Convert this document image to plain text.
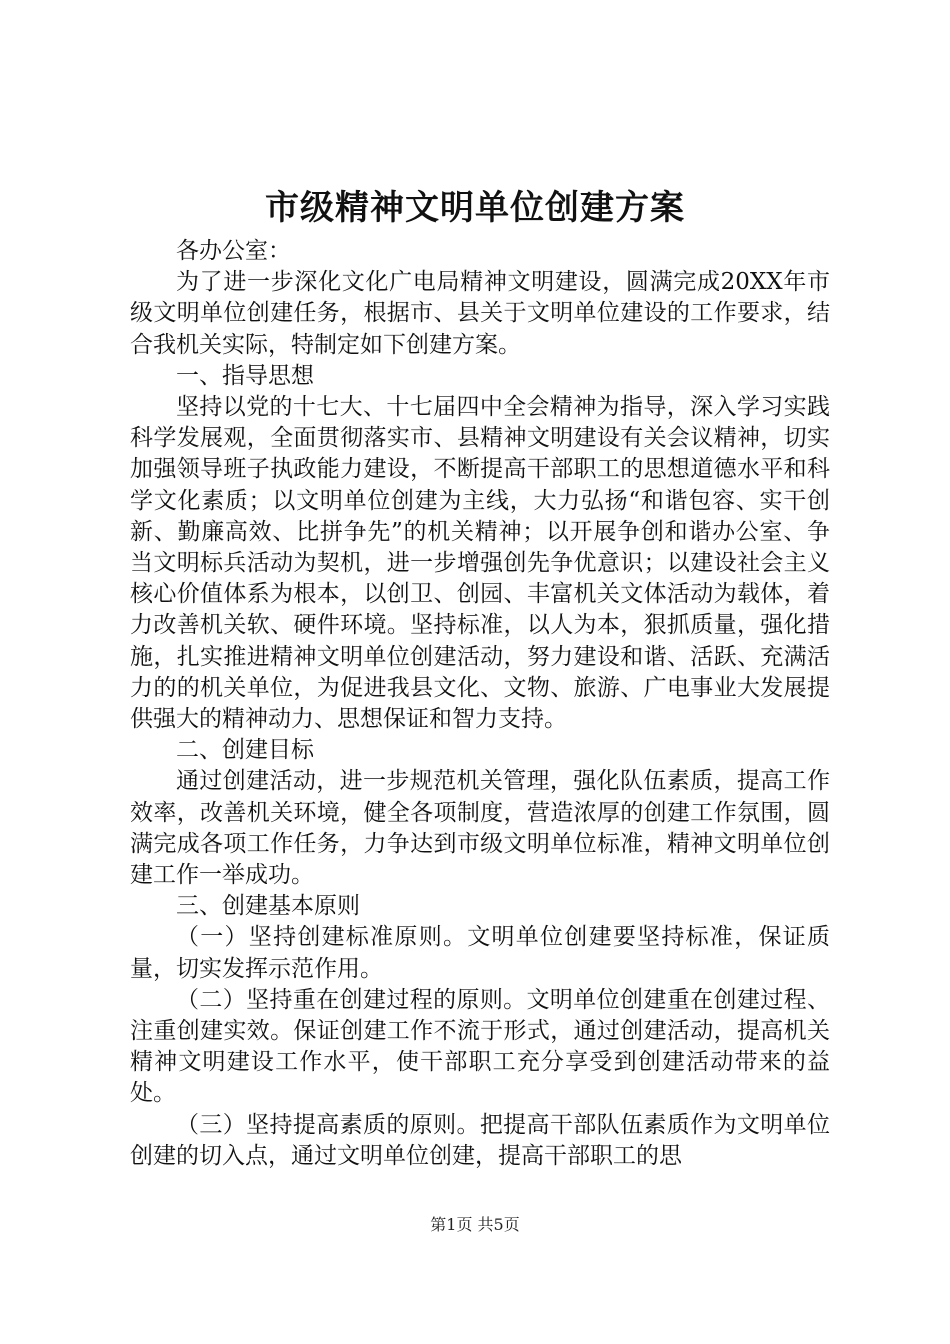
市级精神文明单位创建方案

各办公室：

为了进一步深化文化广电局精神文明建设，圆满完成20XX年市级文明单位创建任务，根据市、县关于文明单位建设的工作要求，结合我机关实际，特制定如下创建方案。

一、指导思想

坚持以党的十七大、十七届四中全会精神为指导，深入学习实践科学发展观，全面贯彻落实市、县精神文明建设有关会议精神，切实加强领导班子执政能力建设，不断提高干部职工的思想道德水平和科学文化素质；以文明单位创建为主线，大力弘扬“和谐包容、实干创新、勤廉高效、比拼争先”的机关精神；以开展争创和谐办公室、争当文明标兵活动为契机，进一步增强创先争优意识；以建设社会主义核心价值体系为根本，以创卫、创园、丰富机关文体活动为载体，着力改善机关软、硬件环境。坚持标准，以人为本，狠抓质量，强化措施，扎实推进精神文明单位创建活动，努力建设和谐、活跃、充满活力的的机关单位，为促进我县文化、文物、旅游、广电事业大发展提供强大的精神动力、思想保证和智力支持。

二、创建目标

通过创建活动，进一步规范机关管理，强化队伍素质，提高工作效率，改善机关环境，健全各项制度，营造浓厚的创建工作氛围，圆满完成各项工作任务，力争达到市级文明单位标准，精神文明单位创建工作一举成功。

三、创建基本原则

（一）坚持创建标准原则。文明单位创建要坚持标准，保证质量，切实发挥示范作用。

（二）坚持重在创建过程的原则。文明单位创建重在创建过程、注重创建实效。保证创建工作不流于形式，通过创建活动，提高机关精神文明建设工作水平，使干部职工充分享受到创建活动带来的益处。

（三）坚持提高素质的原则。把提高干部队伍素质作为文明单位创建的切入点，通过文明单位创建，提高干部职工的思

第1页 共5页
